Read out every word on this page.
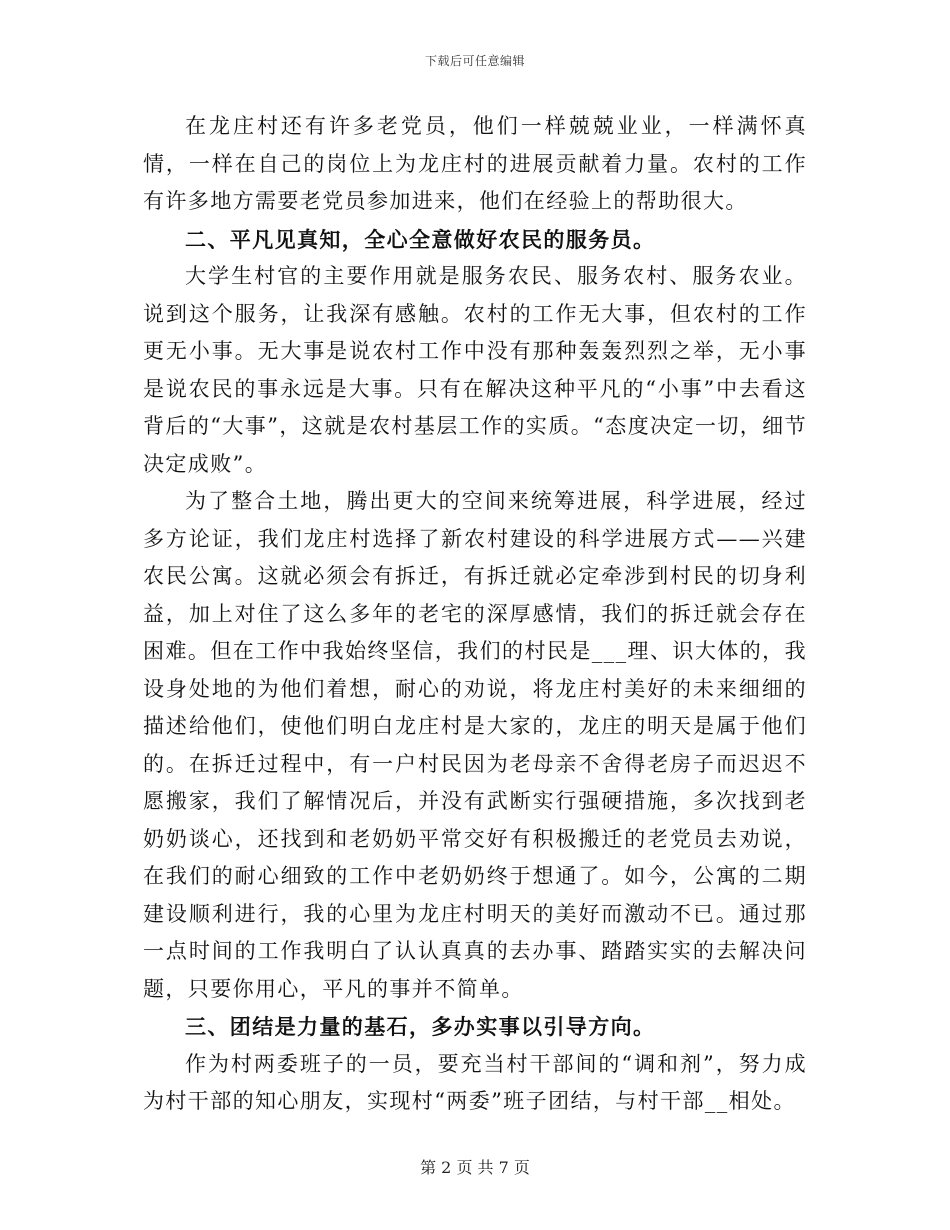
下载后可任意编辑

在龙庄村还有许多老党员，他们一样兢兢业业，一样满怀真情，一样在自己的岗位上为龙庄村的进展贡献着力量。农村的工作有许多地方需要老党员参加进来，他们在经验上的帮助很大。

二、平凡见真知，全心全意做好农民的服务员。

大学生村官的主要作用就是服务农民、服务农村、服务农业。说到这个服务，让我深有感触。农村的工作无大事，但农村的工作更无小事。无大事是说农村工作中没有那种轰轰烈烈之举，无小事是说农民的事永远是大事。只有在解决这种平凡的“小事”中去看这背后的“大事”，这就是农村基层工作的实质。“态度决定一切，细节决定成败”。

为了整合土地，腾出更大的空间来统筹进展，科学进展，经过多方论证，我们龙庄村选择了新农村建设的科学进展方式——兴建农民公寓。这就必须会有拆迁，有拆迁就必定牵涉到村民的切身利益，加上对住了这么多年的老宅的深厚感情，我们的拆迁就会存在困难。但在工作中我始终坚信，我们的村民是___理、识大体的，我设身处地的为他们着想，耐心的劝说，将龙庄村美好的未来细细的描述给他们，使他们明白龙庄村是大家的，龙庄的明天是属于他们的。在拆迁过程中，有一户村民因为老母亲不舍得老房子而迟迟不愿搬家，我们了解情况后，并没有武断实行强硬措施，多次找到老奶奶谈心，还找到和老奶奶平常交好有积极搬迁的老党员去劝说，在我们的耐心细致的工作中老奶奶终于想通了。如今，公寓的二期建设顺利进行，我的心里为龙庄村明天的美好而激动不已。通过那一点时间的工作我明白了认认真真的去办事、踏踏实实的去解决问题，只要你用心，平凡的事并不简单。

三、团结是力量的基石，多办实事以引导方向。

作为村两委班子的一员，要充当村干部间的“调和剂”，努力成为村干部的知心朋友，实现村“两委”班子团结，与村干部__相处。

第 2 页 共 7 页
